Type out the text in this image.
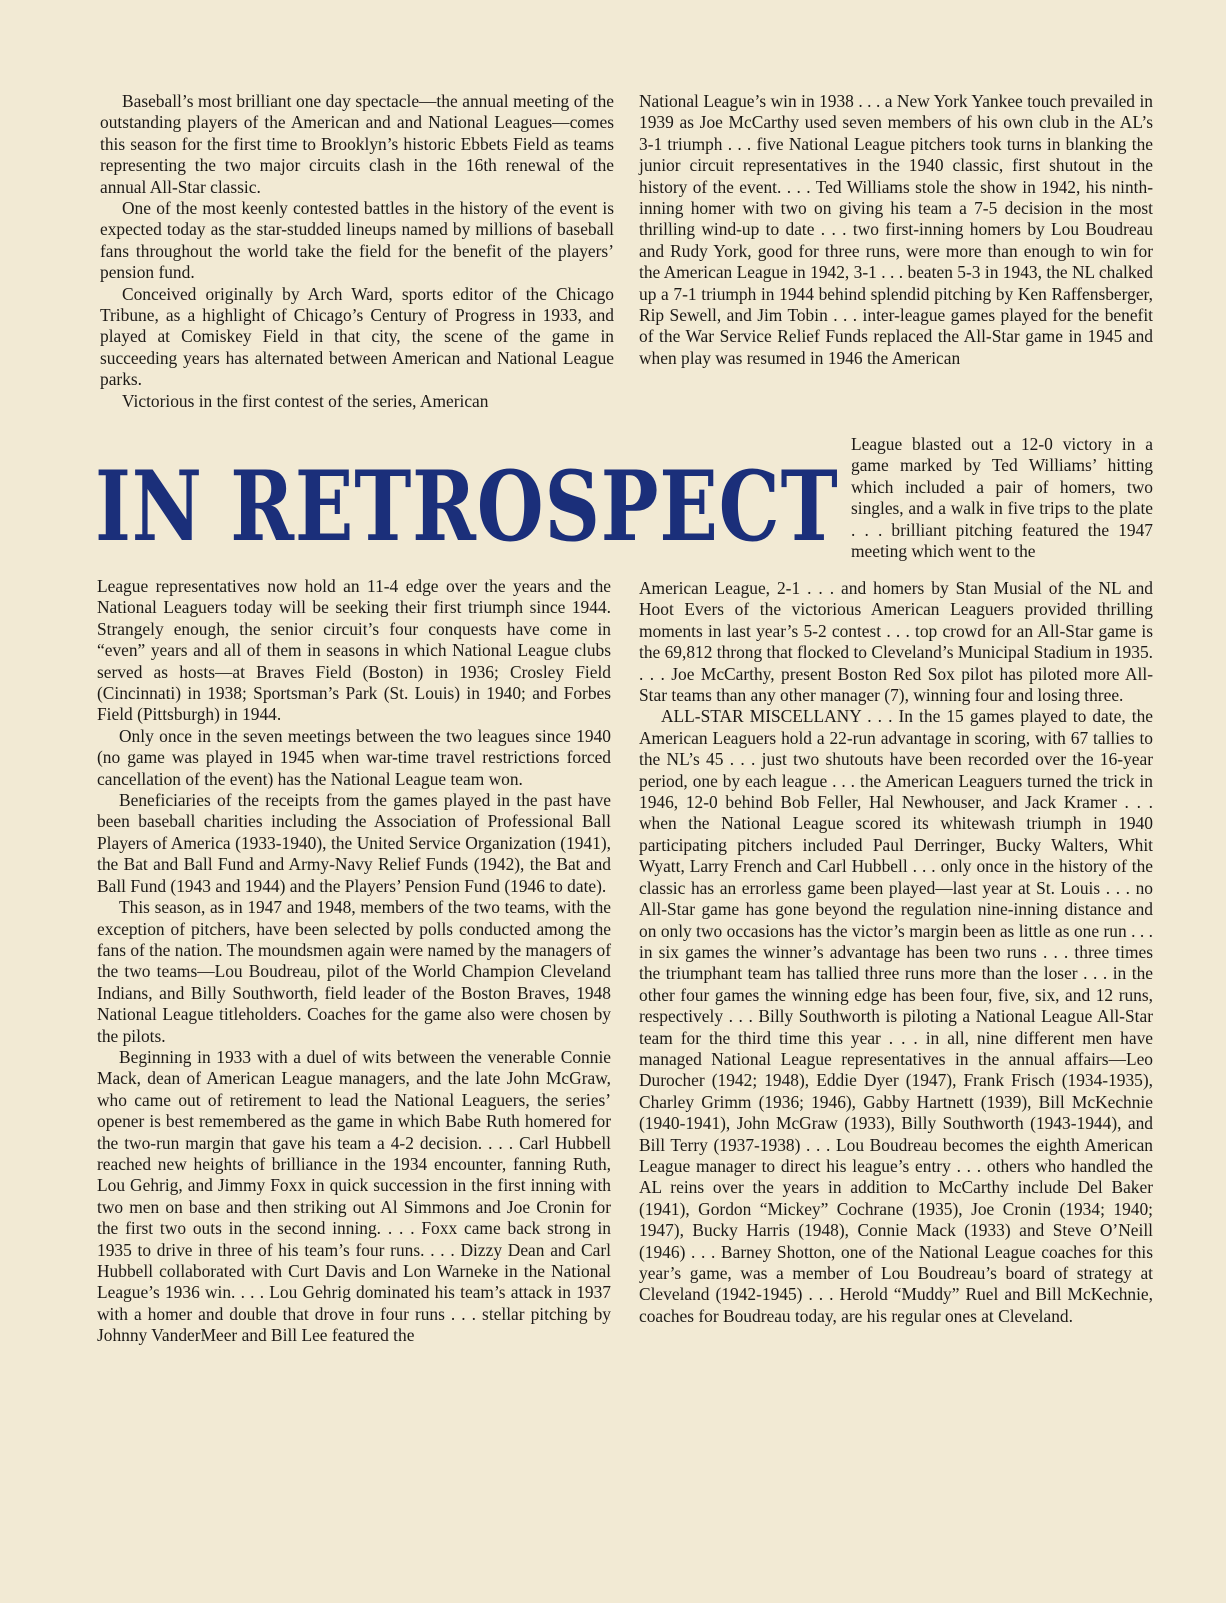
Baseball’s most brilliant one day spectacle—the annual meeting of the outstanding players of the American and and National Leagues—comes this season for the first time to Brooklyn’s historic Ebbets Field as teams representing the two major circuits clash in the 16th renewal of the annual All-Star classic.

One of the most keenly contested battles in the history of the event is expected today as the star-studded lineups named by millions of baseball fans throughout the world take the field for the benefit of the players’ pension fund.

Conceived originally by Arch Ward, sports editor of the Chicago Tribune, as a highlight of Chicago’s Century of Progress in 1933, and played at Comiskey Field in that city, the scene of the game in succeeding years has alternated between American and National League parks.

Victorious in the first contest of the series, American

National League’s win in 1938 . . . a New York Yankee touch prevailed in 1939 as Joe McCarthy used seven members of his own club in the AL’s 3-1 triumph . . . five National League pitchers took turns in blanking the junior circuit representatives in the 1940 classic, first shutout in the history of the event. . . . Ted Williams stole the show in 1942, his ninth-inning homer with two on giving his team a 7-5 decision in the most thrilling wind-up to date . . . two first-inning homers by Lou Boudreau and Rudy York, good for three runs, were more than enough to win for the American League in 1942, 3-1 . . . beaten 5-3 in 1943, the NL chalked up a 7-1 triumph in 1944 behind splendid pitching by Ken Raffensberger, Rip Sewell, and Jim Tobin . . . inter-league games played for the benefit of the War Service Relief Funds replaced the All-Star game in 1945 and when play was resumed in 1946 the American

IN RETROSPECT

League blasted out a 12-0 victory in a game marked by Ted Williams’ hitting which included a pair of homers, two singles, and a walk in five trips to the plate . . . brilliant pitching featured the 1947 meeting which went to the

League representatives now hold an 11-4 edge over the years and the National Leaguers today will be seeking their first triumph since 1944. Strangely enough, the senior circuit’s four conquests have come in “even” years and all of them in seasons in which National League clubs served as hosts—at Braves Field (Boston) in 1936; Crosley Field (Cincinnati) in 1938; Sportsman’s Park (St. Louis) in 1940; and Forbes Field (Pittsburgh) in 1944.

Only once in the seven meetings between the two leagues since 1940 (no game was played in 1945 when war-time travel restrictions forced cancellation of the event) has the National League team won.

Beneficiaries of the receipts from the games played in the past have been baseball charities including the Association of Professional Ball Players of America (1933-1940), the United Service Organization (1941), the Bat and Ball Fund and Army-Navy Relief Funds (1942), the Bat and Ball Fund (1943 and 1944) and the Players’ Pension Fund (1946 to date).

This season, as in 1947 and 1948, members of the two teams, with the exception of pitchers, have been selected by polls conducted among the fans of the nation. The moundsmen again were named by the managers of the two teams—Lou Boudreau, pilot of the World Champion Cleveland Indians, and Billy Southworth, field leader of the Boston Braves, 1948 National League titleholders. Coaches for the game also were chosen by the pilots.

Beginning in 1933 with a duel of wits between the venerable Connie Mack, dean of American League managers, and the late John McGraw, who came out of retirement to lead the National Leaguers, the series’ opener is best remembered as the game in which Babe Ruth homered for the two-run margin that gave his team a 4-2 decision. . . . Carl Hubbell reached new heights of brilliance in the 1934 encounter, fanning Ruth, Lou Gehrig, and Jimmy Foxx in quick succession in the first inning with two men on base and then striking out Al Simmons and Joe Cronin for the first two outs in the second inning. . . . Foxx came back strong in 1935 to drive in three of his team’s four runs. . . . Dizzy Dean and Carl Hubbell collaborated with Curt Davis and Lon Warneke in the National League’s 1936 win. . . . Lou Gehrig dominated his team’s attack in 1937 with a homer and double that drove in four runs . . . stellar pitching by Johnny VanderMeer and Bill Lee featured the

American League, 2-1 . . . and homers by Stan Musial of the NL and Hoot Evers of the victorious American Leaguers provided thrilling moments in last year’s 5-2 contest . . . top crowd for an All-Star game is the 69,812 throng that flocked to Cleveland’s Municipal Stadium in 1935. . . . Joe McCarthy, present Boston Red Sox pilot has piloted more All-Star teams than any other manager (7), winning four and losing three.

ALL-STAR MISCELLANY . . . In the 15 games played to date, the American Leaguers hold a 22-run advantage in scoring, with 67 tallies to the NL’s 45 . . . just two shutouts have been recorded over the 16-year period, one by each league . . . the American Leaguers turned the trick in 1946, 12-0 behind Bob Feller, Hal Newhouser, and Jack Kramer . . . when the National League scored its whitewash triumph in 1940 participating pitchers included Paul Derringer, Bucky Walters, Whit Wyatt, Larry French and Carl Hubbell . . . only once in the history of the classic has an errorless game been played—last year at St. Louis . . . no All-Star game has gone beyond the regulation nine-inning distance and on only two occasions has the victor’s margin been as little as one run . . . in six games the winner’s advantage has been two runs . . . three times the triumphant team has tallied three runs more than the loser . . . in the other four games the winning edge has been four, five, six, and 12 runs, respectively . . . Billy Southworth is piloting a National League All-Star team for the third time this year . . . in all, nine different men have managed National League representatives in the annual affairs—Leo Durocher (1942; 1948), Eddie Dyer (1947), Frank Frisch (1934-1935), Charley Grimm (1936; 1946), Gabby Hartnett (1939), Bill McKechnie (1940-1941), John McGraw (1933), Billy Southworth (1943-1944), and Bill Terry (1937-1938) . . . Lou Boudreau becomes the eighth American League manager to direct his league’s entry . . . others who handled the AL reins over the years in addition to McCarthy include Del Baker (1941), Gordon “Mickey” Cochrane (1935), Joe Cronin (1934; 1940; 1947), Bucky Harris (1948), Connie Mack (1933) and Steve O’Neill (1946) . . . Barney Shotton, one of the National League coaches for this year’s game, was a member of Lou Boudreau’s board of strategy at Cleveland (1942-1945) . . . Herold “Muddy” Ruel and Bill McKechnie, coaches for Boudreau today, are his regular ones at Cleveland.
